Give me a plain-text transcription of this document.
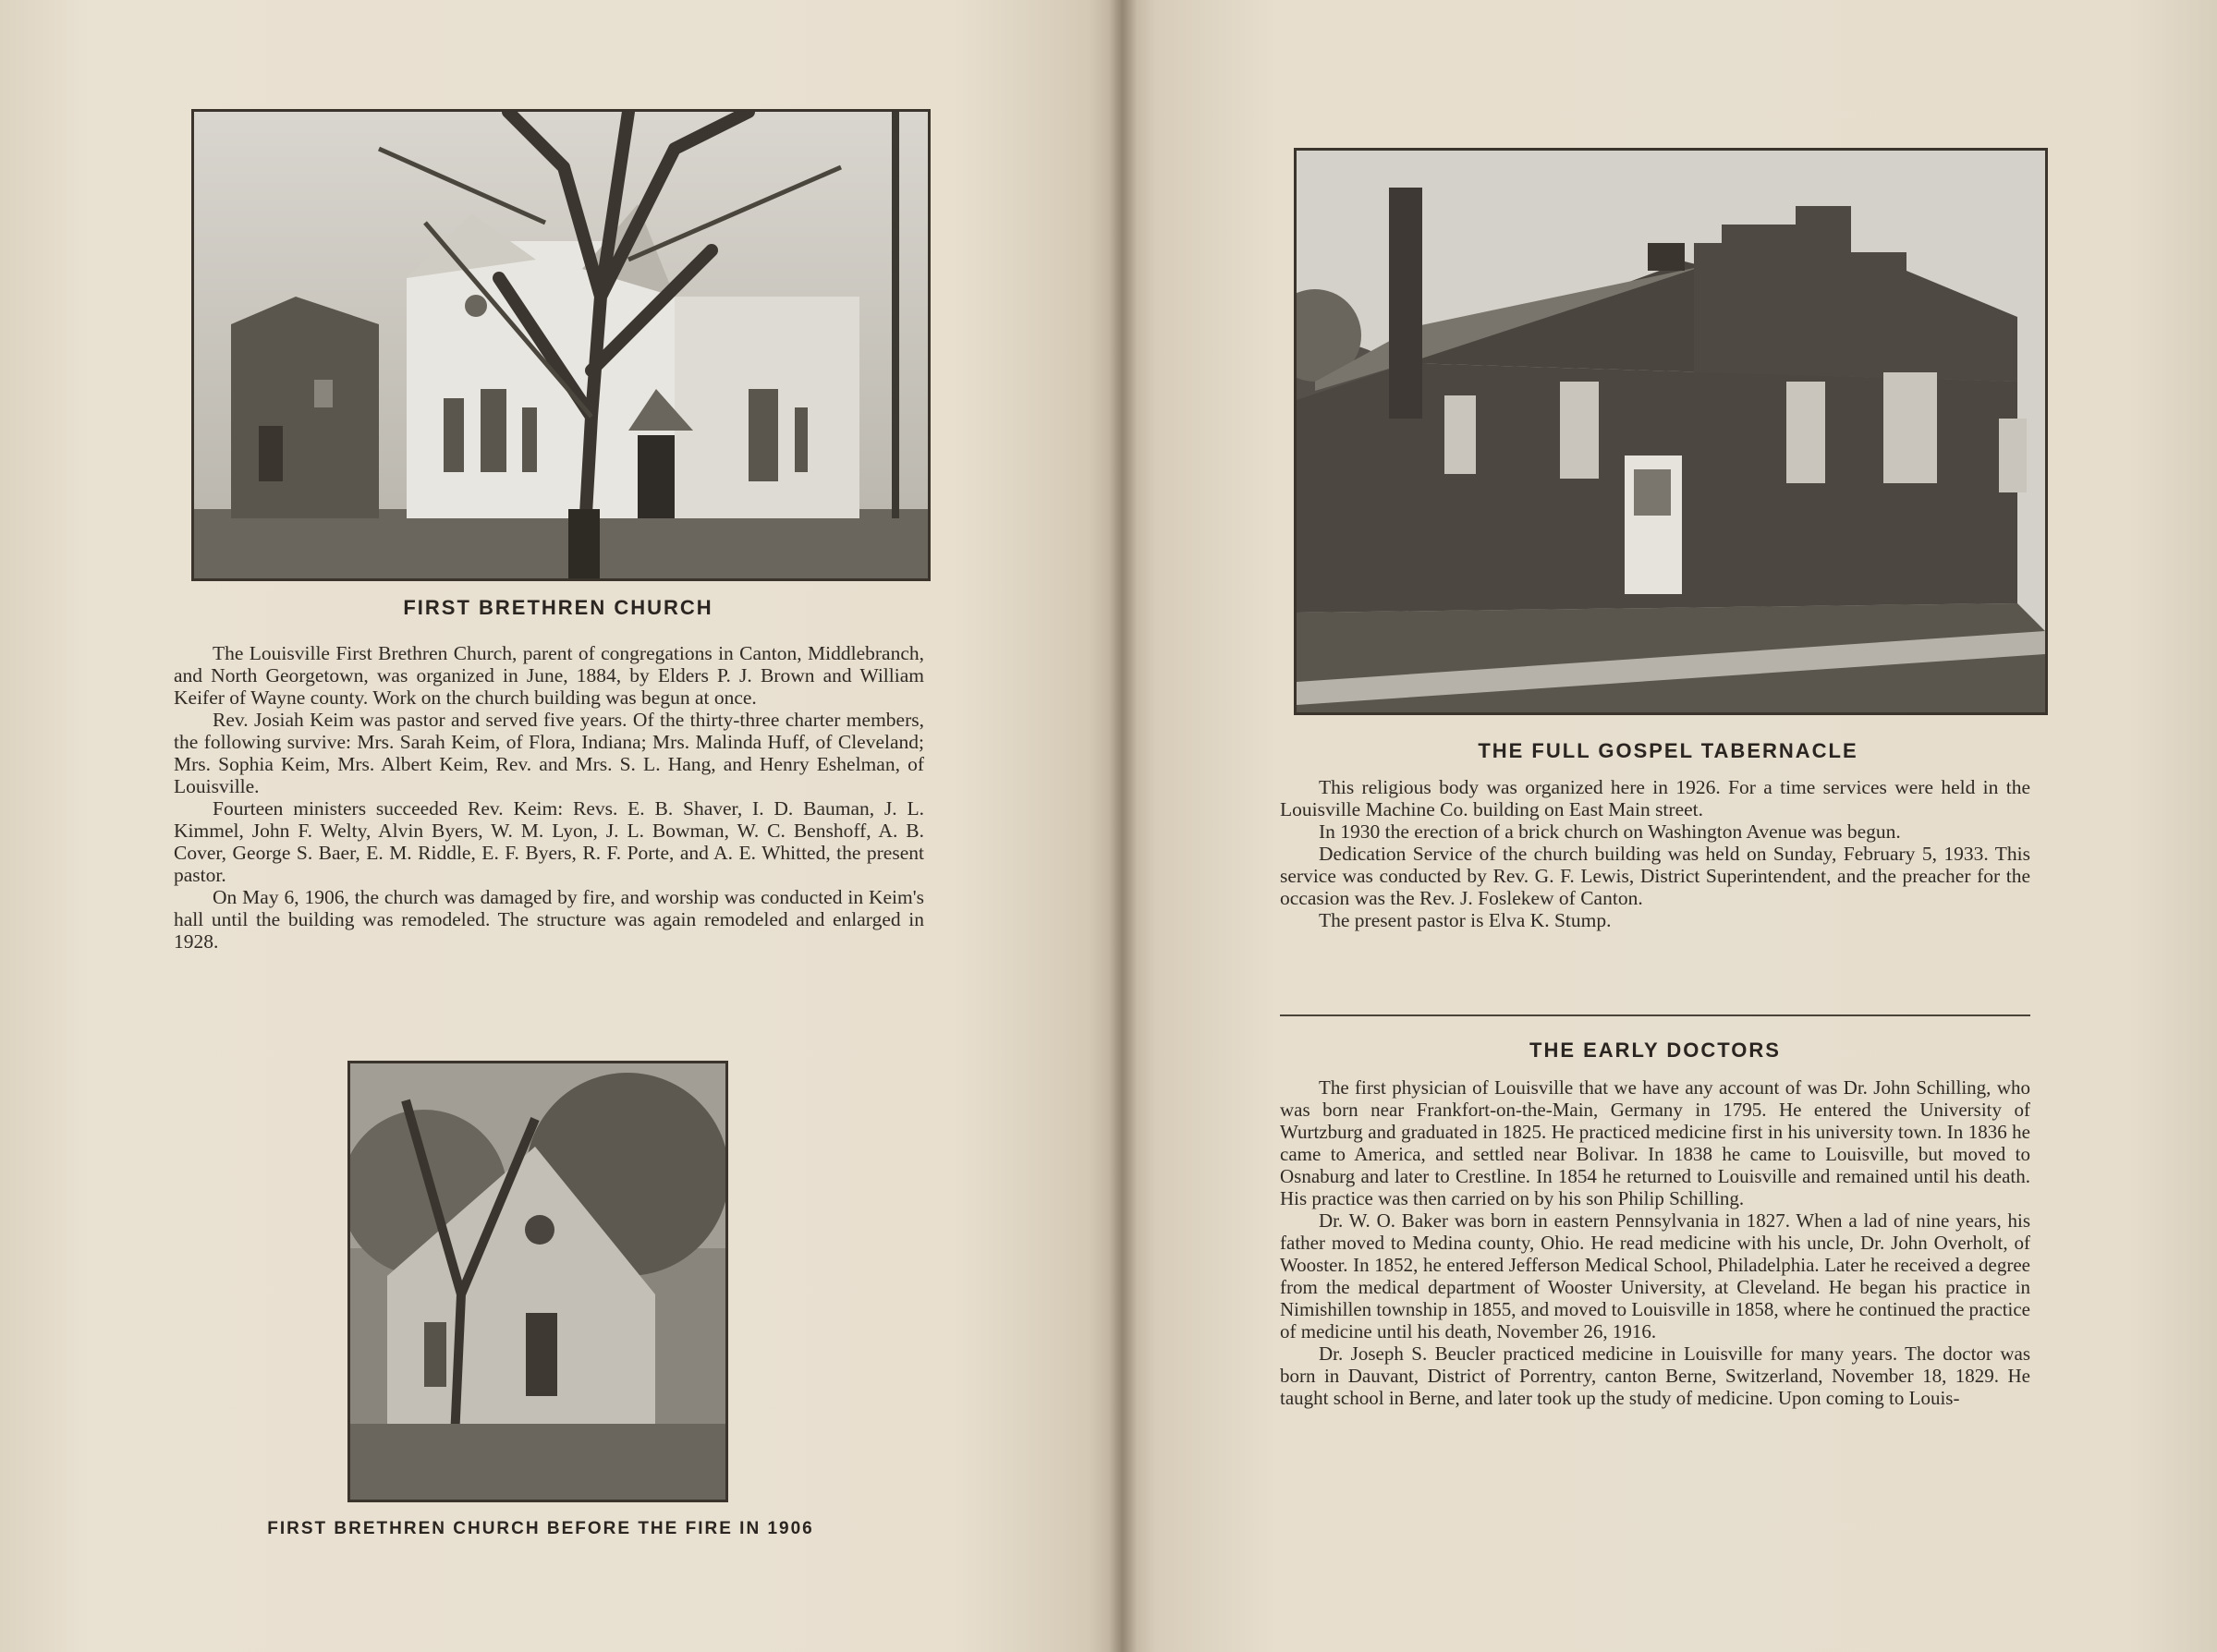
FIRST BRETHREN CHURCH

The Louisville First Brethren Church, parent of congregations in Canton, Middlebranch, and North Georgetown, was organized in June, 1884, by Elders P. J. Brown and William Keifer of Wayne county. Work on the church building was begun at once.

Rev. Josiah Keim was pastor and served five years. Of the thirty-three charter members, the following survive: Mrs. Sarah Keim, of Flora, Indiana; Mrs. Malinda Huff, of Cleveland; Mrs. Sophia Keim, Mrs. Albert Keim, Rev. and Mrs. S. L. Hang, and Henry Eshelman, of Louisville.

Fourteen ministers succeeded Rev. Keim: Revs. E. B. Shaver, I. D. Bauman, J. L. Kimmel, John F. Welty, Alvin Byers, W. M. Lyon, J. L. Bowman, W. C. Benshoff, A. B. Cover, George S. Baer, E. M. Riddle, E. F. Byers, R. F. Porte, and A. E. Whitted, the present pastor.

On May 6, 1906, the church was damaged by fire, and worship was conducted in Keim's hall until the building was remodeled. The structure was again remodeled and enlarged in 1928.

FIRST BRETHREN CHURCH BEFORE THE FIRE IN 1906
THE FULL GOSPEL TABERNACLE

This religious body was organized here in 1926. For a time services were held in the Louisville Machine Co. building on East Main street.

In 1930 the erection of a brick church on Washington Avenue was begun.

Dedication Service of the church building was held on Sunday, February 5, 1933. This service was conducted by Rev. G. F. Lewis, District Superintendent, and the preacher for the occasion was the Rev. J. Foslekew of Canton.

The present pastor is Elva K. Stump.

THE EARLY DOCTORS

The first physician of Louisville that we have any account of was Dr. John Schilling, who was born near Frankfort-on-the-Main, Germany in 1795. He entered the University of Wurtzburg and graduated in 1825. He practiced medicine first in his university town. In 1836 he came to America, and settled near Bolivar. In 1838 he came to Louisville, but moved to Osnaburg and later to Crestline. In 1854 he returned to Louisville and remained until his death. His practice was then carried on by his son Philip Schilling.

Dr. W. O. Baker was born in eastern Pennsylvania in 1827. When a lad of nine years, his father moved to Medina county, Ohio. He read medicine with his uncle, Dr. John Overholt, of Wooster. In 1852, he entered Jefferson Medical School, Philadelphia. Later he received a degree from the medical department of Wooster University, at Cleveland. He began his practice in Nimishillen township in 1855, and moved to Louisville in 1858, where he continued the practice of medicine until his death, November 26, 1916.

Dr. Joseph S. Beucler practiced medicine in Louisville for many years. The doctor was born in Dauvant, District of Porrentry, canton Berne, Switzerland, November 18, 1829. He taught school in Berne, and later took up the study of medicine. Upon coming to Louis-
